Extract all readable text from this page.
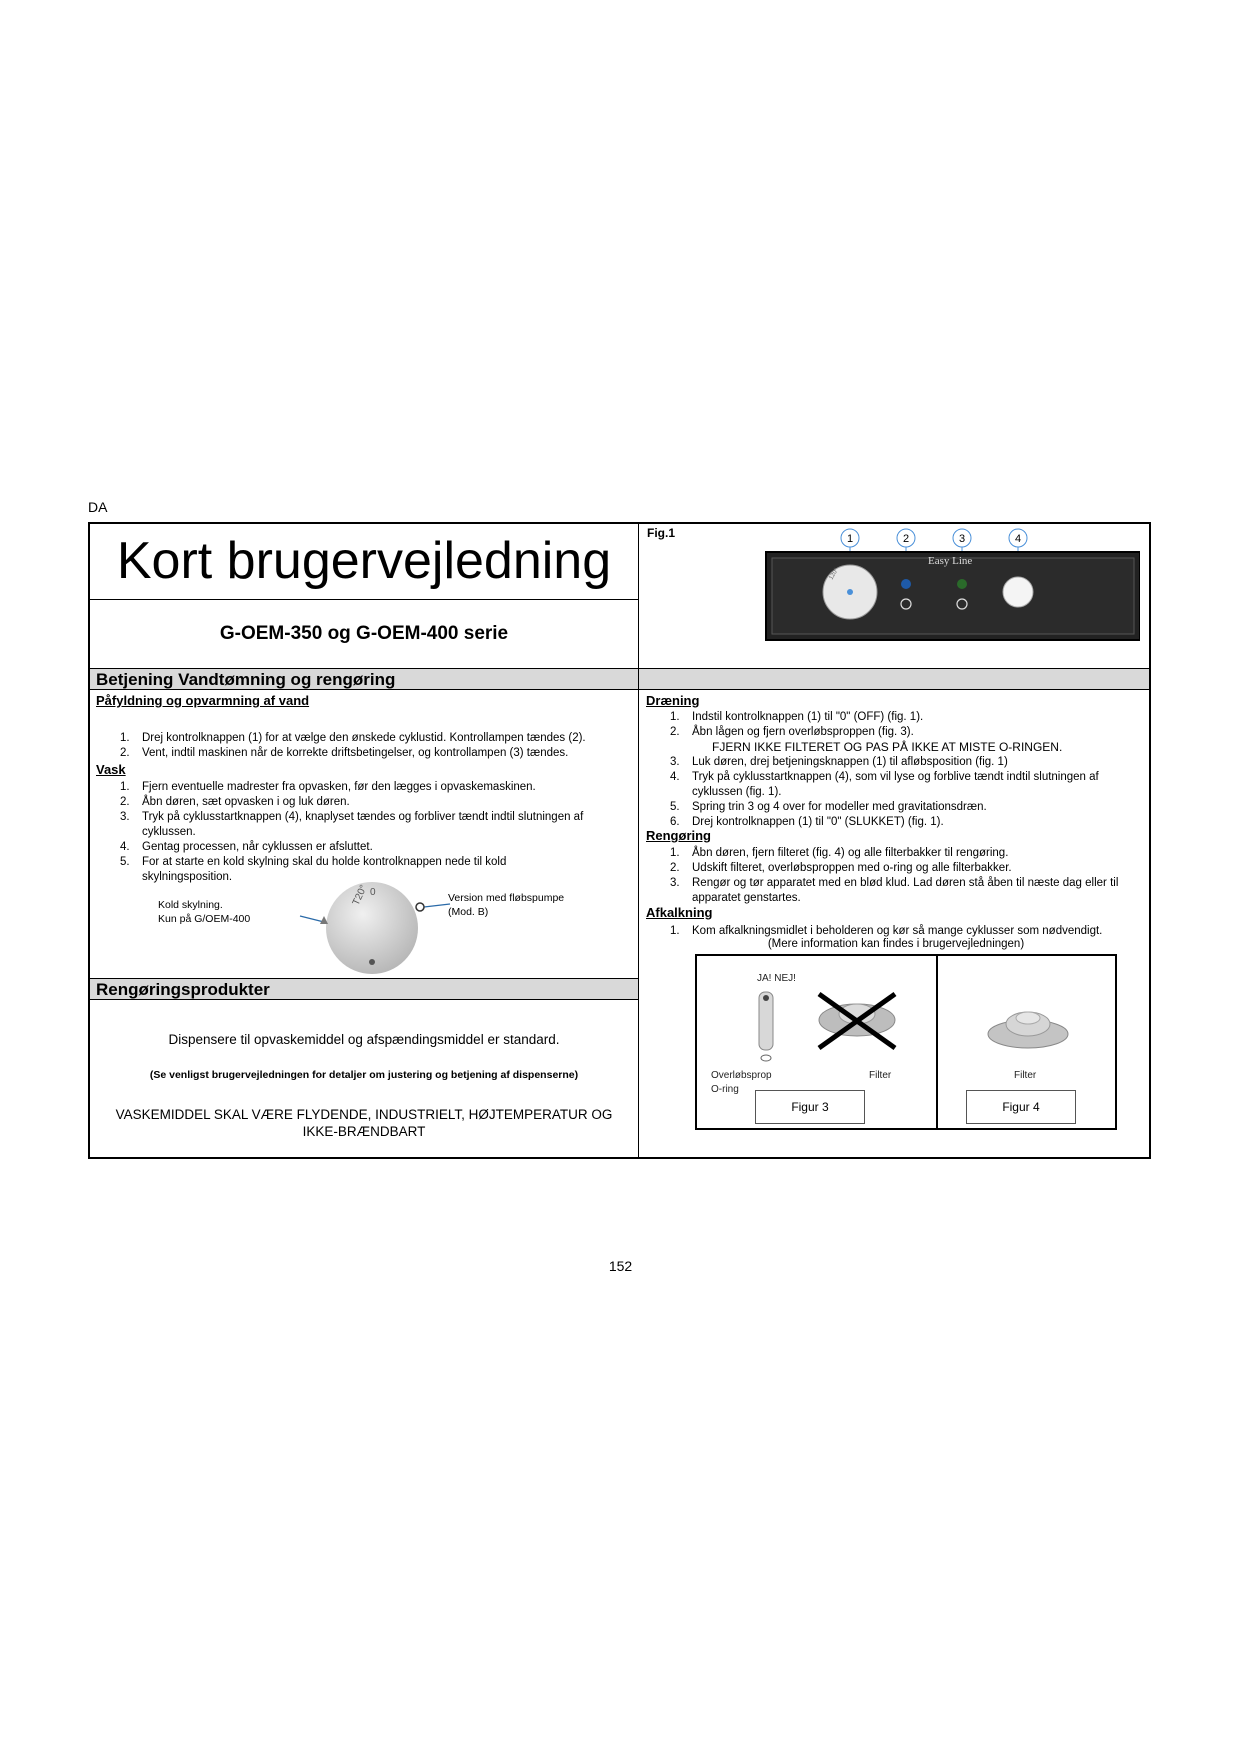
DA
Kort brugervejledning
G-OEM-350 og G-OEM-400 serie
Fig.1	1	2	3	4
Easy Line
120°
Betjening Vandtømning og rengøring
Påfyldning og opvarmning af vand
1. Drej kontrolknappen (1) for at vælge den ønskede cyklustid. Kontrollampen tændes (2).
2. Vent, indtil maskinen når de korrekte driftsbetingelser, og kontrollampen (3) tændes.
Vask
1. Fjern eventuelle madrester fra opvasken, før den lægges i opvaskemaskinen.
2. Åbn døren, sæt opvasken i og luk døren.
3. Tryk på cyklusstartknappen (4), knaplyset tændes og forbliver tændt indtil slutningen af cyklussen.
4. Gentag processen, når cyklussen er afsluttet.
5. For at starte en kold skylning skal du holde kontrolknappen nede til kold skylningsposition.
Kold skylning.
Kun på G/OEM-400
Version med fløbspumpe
(Mod. B)
T20° 0
Rengøringsprodukter
Dispensere til opvaskemiddel og afspændingsmiddel er standard.
(Se venligst brugervejledningen for detaljer om justering og betjening af dispenserne)
VASKEMIDDEL SKAL VÆRE FLYDENDE, INDUSTRIELT, HØJTEMPERATUR OG IKKE-BRÆNDBART
Dræning
1. Indstil kontrolknappen (1) til "0" (OFF) (fig. 1).
2. Åbn lågen og fjern overløbsproppen (fig. 3).
FJERN IKKE FILTERET OG PAS PÅ IKKE AT MISTE O-RINGEN.
3. Luk døren, drej betjeningsknappen (1) til afløbsposition (fig. 1)
4. Tryk på cyklusstartknappen (4), som vil lyse og forblive tændt indtil slutningen af cyklussen (fig. 1).
5. Spring trin 3 og 4 over for modeller med gravitationsdræn.
6. Drej kontrolknappen (1) til "0" (SLUKKET) (fig. 1).
Rengøring
1. Åbn døren, fjern filteret (fig. 4) og alle filterbakker til rengøring.
2. Udskift filteret, overløbsproppen med o-ring og alle filterbakker.
3. Rengør og tør apparatet med en blød klud. Lad døren stå åben til næste dag eller til apparatet genstartes.
Afkalkning
1. Kom afkalkningsmidlet i beholderen og kør så mange cyklusser som nødvendigt.
(Mere information kan findes i brugervejledningen)
JA! NEJ!
Overløbsprop
O-ring
Filter
Figur 3
Filter
Figur 4
152
